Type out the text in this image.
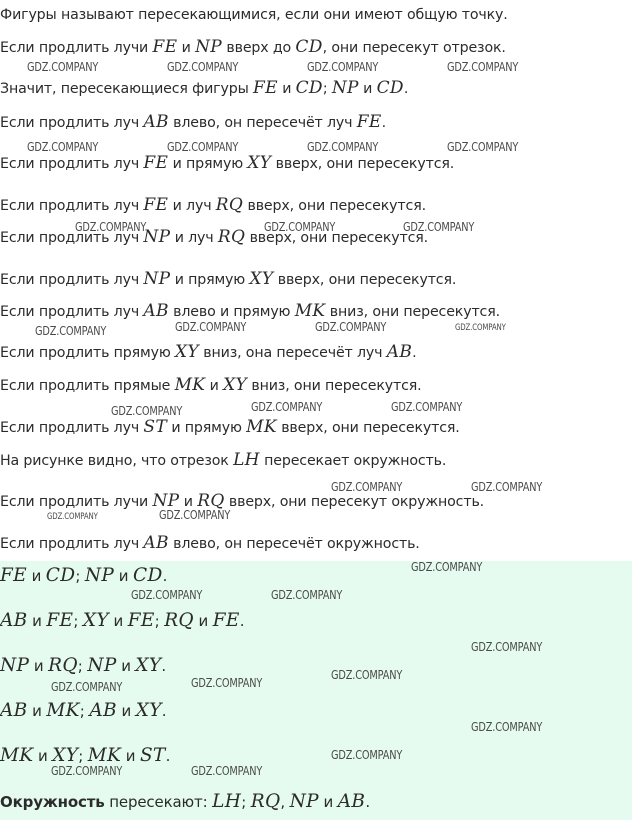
Фигуры называют пересекающимися, если они имеют общую точку.
Если продлить лучи FE и NP вверх до CD, они пересекут отрезок.
Значит, пересекающиеся фигуры FE и CD; NP и CD.
Если продлить луч AB влево, он пересечёт луч FE.
Если продлить луч FE и прямую XY вверх, они пересекутся.
Если продлить луч FE и луч RQ вверх, они пересекутся.
Если продлить луч NP и луч RQ вверх, они пересекутся.
Если продлить луч NP и прямую XY вверх, они пересекутся.
Если продлить луч AB влево и прямую MK вниз, они пересекутся.
Если продлить прямую XY вниз, она пересечёт луч AB.
Если продлить прямые MK и XY вниз, они пересекутся.
Если продлить луч ST и прямую MK вверх, они пересекутся.
На рисунке видно, что отрезок LH пересекает окружность.
Если продлить лучи NP и RQ вверх, они пересекут окружность.
Если продлить луч AB влево, он пересечёт окружность.
FE и CD; NP и CD.
AB и FE; XY и FE; RQ и FE.
NP и RQ; NP и XY.
AB и MK; AB и XY.
MK и XY; MK и ST.
Окружность пересекают: LH; RQ, NP и AB.
GDZ.COMPANY	GDZ.COMPANY	GDZ.COMPANY	GDZ.COMPANY
GDZ.COMPANY	GDZ.COMPANY	GDZ.COMPANY	GDZ.COMPANY
GDZ.COMPANY	GDZ.COMPANY	GDZ.COMPANY
GDZ.COMPANY	GDZ.COMPANY	GDZ.COMPANY	GDZ.COMPANY
GDZ.COMPANY	GDZ.COMPANY	GDZ.COMPANY
GDZ.COMPANY	GDZ.COMPANY
GDZ.COMPANY	GDZ.COMPANY
GDZ.COMPANY
GDZ.COMPANY	GDZ.COMPANY
GDZ.COMPANY
GDZ.COMPANY	GDZ.COMPANY
GDZ.COMPANY
GDZ.COMPANY
GDZ.COMPANY
GDZ.COMPANY	GDZ.COMPANY
